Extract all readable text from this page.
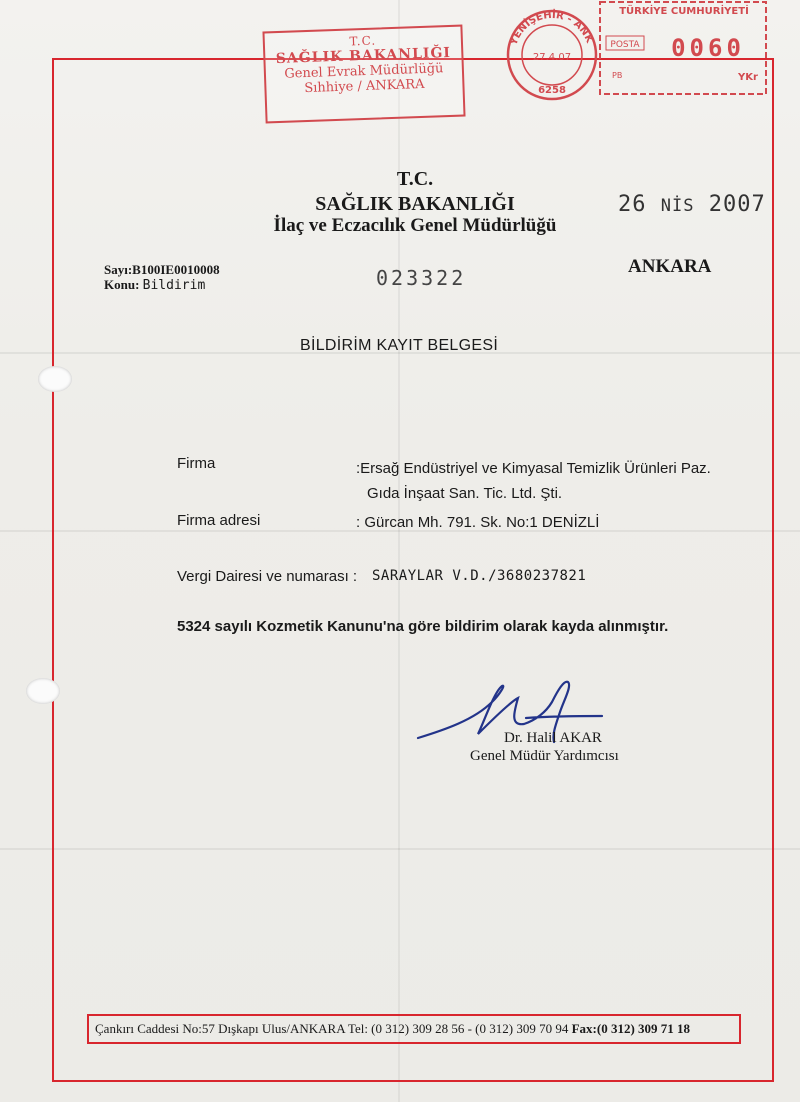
T.C.
SAĞLIK BAKANLIĞI
Genel Evrak Müdürlüğü
Sıhhiye / ANKARA
YENİŞEHİR - ANK
27.4.07
6258
TÜRKİYE CUMHURİYETİ
POSTA 0060
PB	YKr
T.C.
SAĞLIK BAKANLIĞI
İlaç ve Eczacılık Genel Müdürlüğü
26 NİS 2007
ANKARA
Sayı:B100IE0010008
Konu: Bildirim	023322
BİLDİRİM KAYIT BELGESİ
Firma	:Ersağ Endüstriyel ve Kimyasal Temizlik Ürünleri Paz.
Gıda İnşaat San. Tic. Ltd. Şti.
Firma adresi	: Gürcan Mh. 791. Sk. No:1 DENİZLİ
Vergi Dairesi ve numarası : SARAYLAR V.D./3680237821
5324 sayılı Kozmetik Kanunu'na göre bildirim olarak kayda alınmıştır.
Dr. Halil AKAR
Genel Müdür Yardımcısı
Çankırı Caddesi No:57 Dışkapı Ulus/ANKARA Tel: (0 312) 309 28 56 - (0 312) 309 70 94 Fax:(0 312) 309 71 18
